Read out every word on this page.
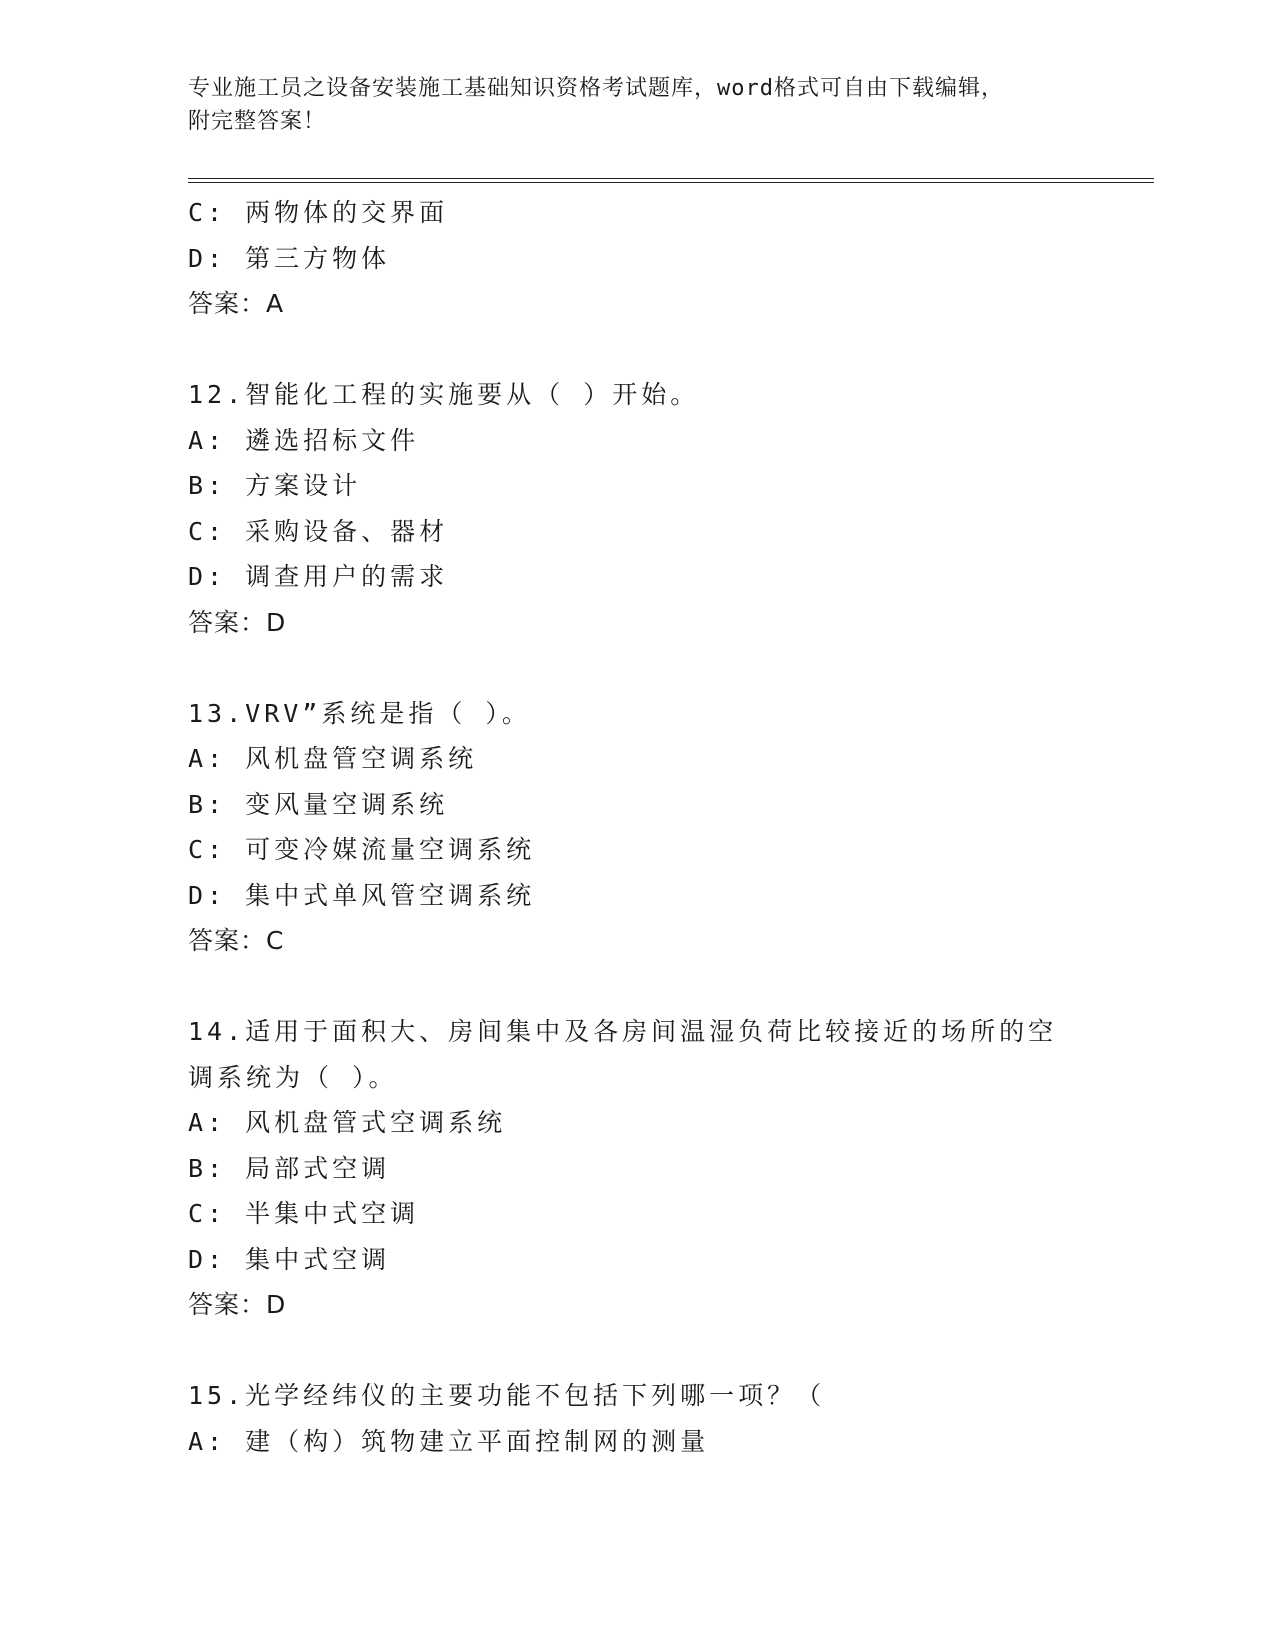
专业施工员之设备安装施工基础知识资格考试题库，word格式可自由下载编辑，
附完整答案！
C: 两物体的交界面
D: 第三方物体
答案：A
12.智能化工程的实施要从（ ）开始。
A: 遴选招标文件
B: 方案设计
C: 采购设备、器材
D: 调查用户的需求
答案：D
13.VRV”系统是指（ ）。
A: 风机盘管空调系统
B: 变风量空调系统
C: 可变冷媒流量空调系统
D: 集中式单风管空调系统
答案：C
14.适用于面积大、房间集中及各房间温湿负荷比较接近的场所的空调系统为（ ）。
A: 风机盘管式空调系统
B: 局部式空调
C: 半集中式空调
D: 集中式空调
答案：D
15.光学经纬仪的主要功能不包括下列哪一项？（
A: 建（构）筑物建立平面控制网的测量
